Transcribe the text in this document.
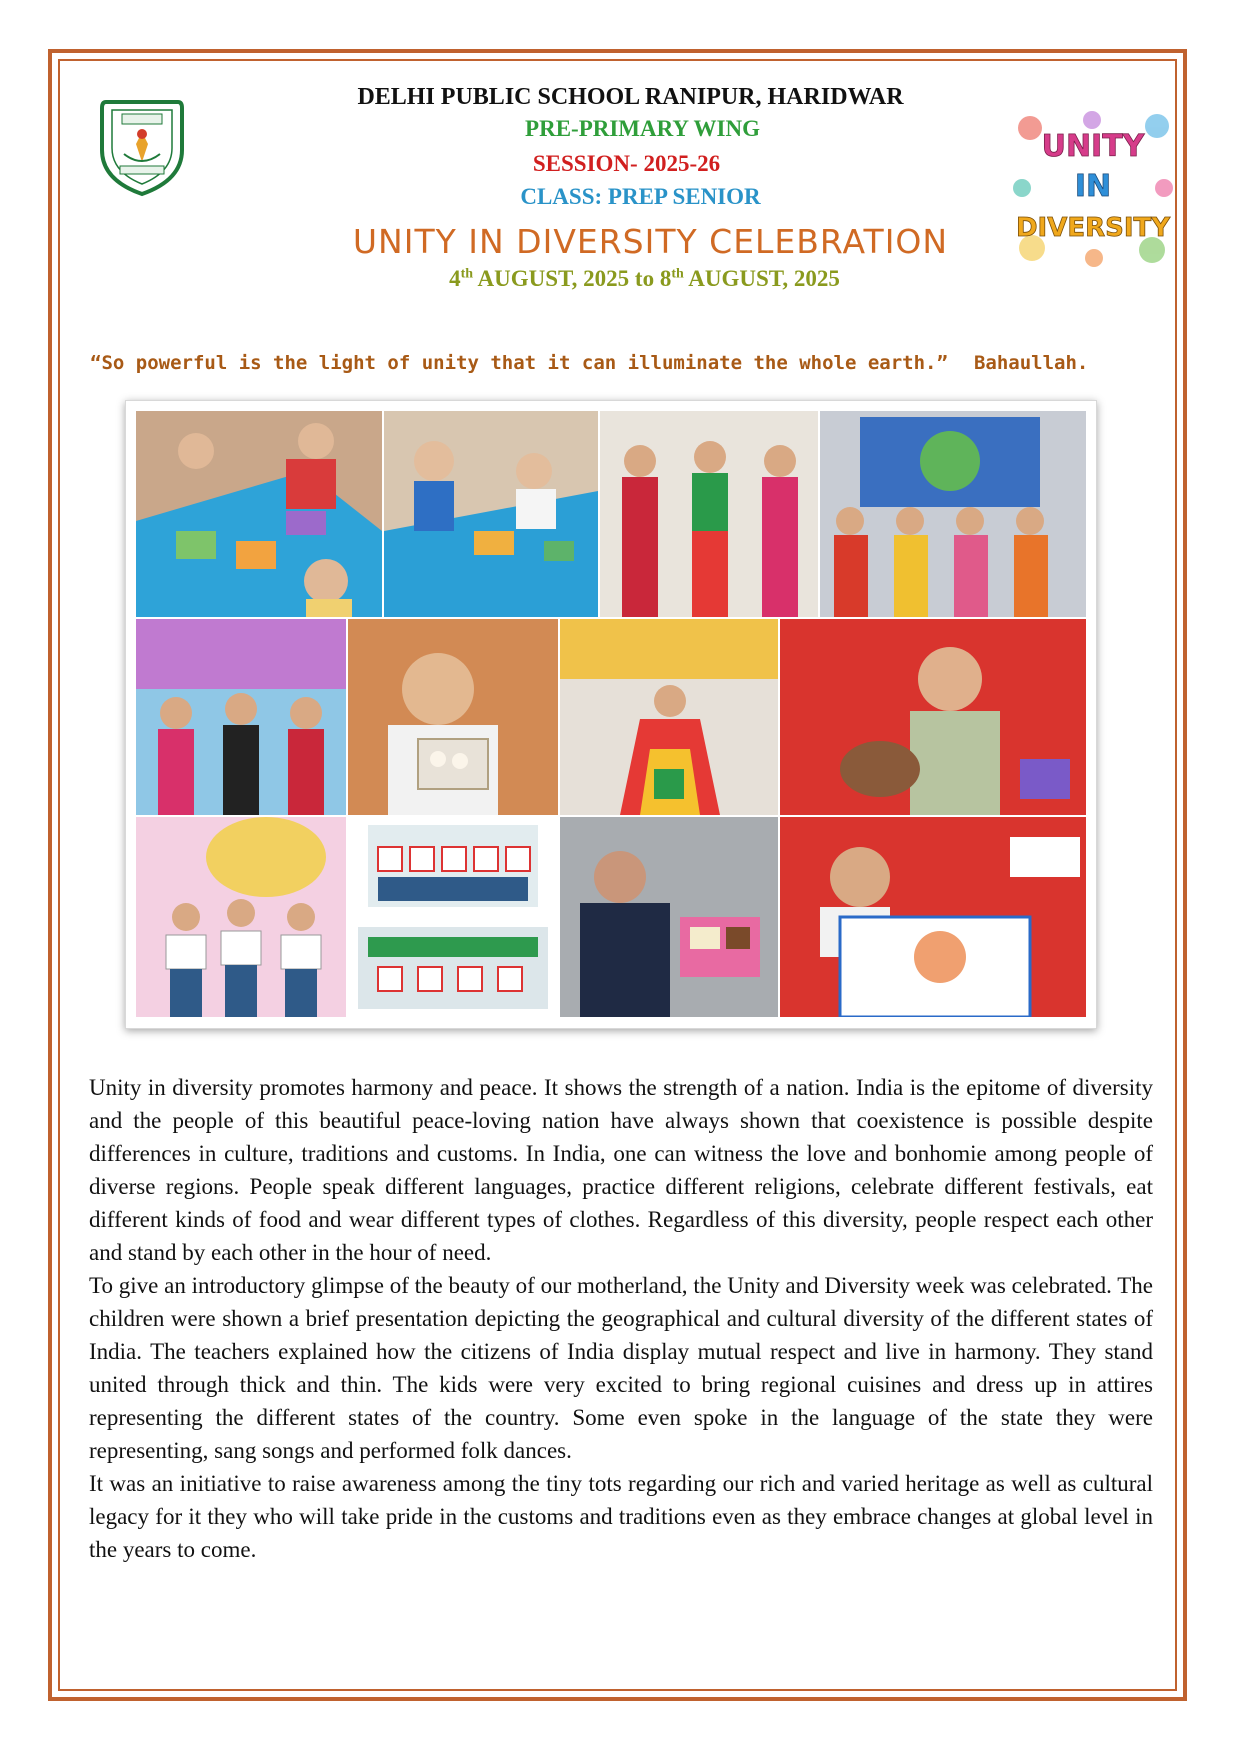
UNITY
IN
DIVERSITY

DELHI PUBLIC SCHOOL RANIPUR, HARIDWAR

PRE-PRIMARY WING

SESSION- 2025-26

CLASS: PREP SENIOR

UNITY IN DIVERSITY CELEBRATION

4th AUGUST, 2025 to 8th AUGUST, 2025

“So powerful is the light of unity that it can illuminate the whole earth.” Bahaullah.

Unity in diversity promotes harmony and peace. It shows the strength of a nation. India is the epitome of diversity and the people of this beautiful peace-loving nation have always shown that coexistence is possible despite differences in culture, traditions and customs. In India, one can witness the love and bonhomie among people of diverse regions. People speak different languages, practice different religions, celebrate different festivals, eat different kinds of food and wear different types of clothes. Regardless of this diversity, people respect each other and stand by each other in the hour of need.

To give an introductory glimpse of the beauty of our motherland, the Unity and Diversity week was celebrated. The children were shown a brief presentation depicting the geographical and cultural diversity of the different states of India. The teachers explained how the citizens of India display mutual respect and live in harmony. They stand united through thick and thin. The kids were very excited to bring regional cuisines and dress up in attires representing the different states of the country. Some even spoke in the language of the state they were representing, sang songs and performed folk dances.

It was an initiative to raise awareness among the tiny tots regarding our rich and varied heritage as well as cultural legacy for it they who will take pride in the customs and traditions even as they embrace changes at global level in the years to come.
